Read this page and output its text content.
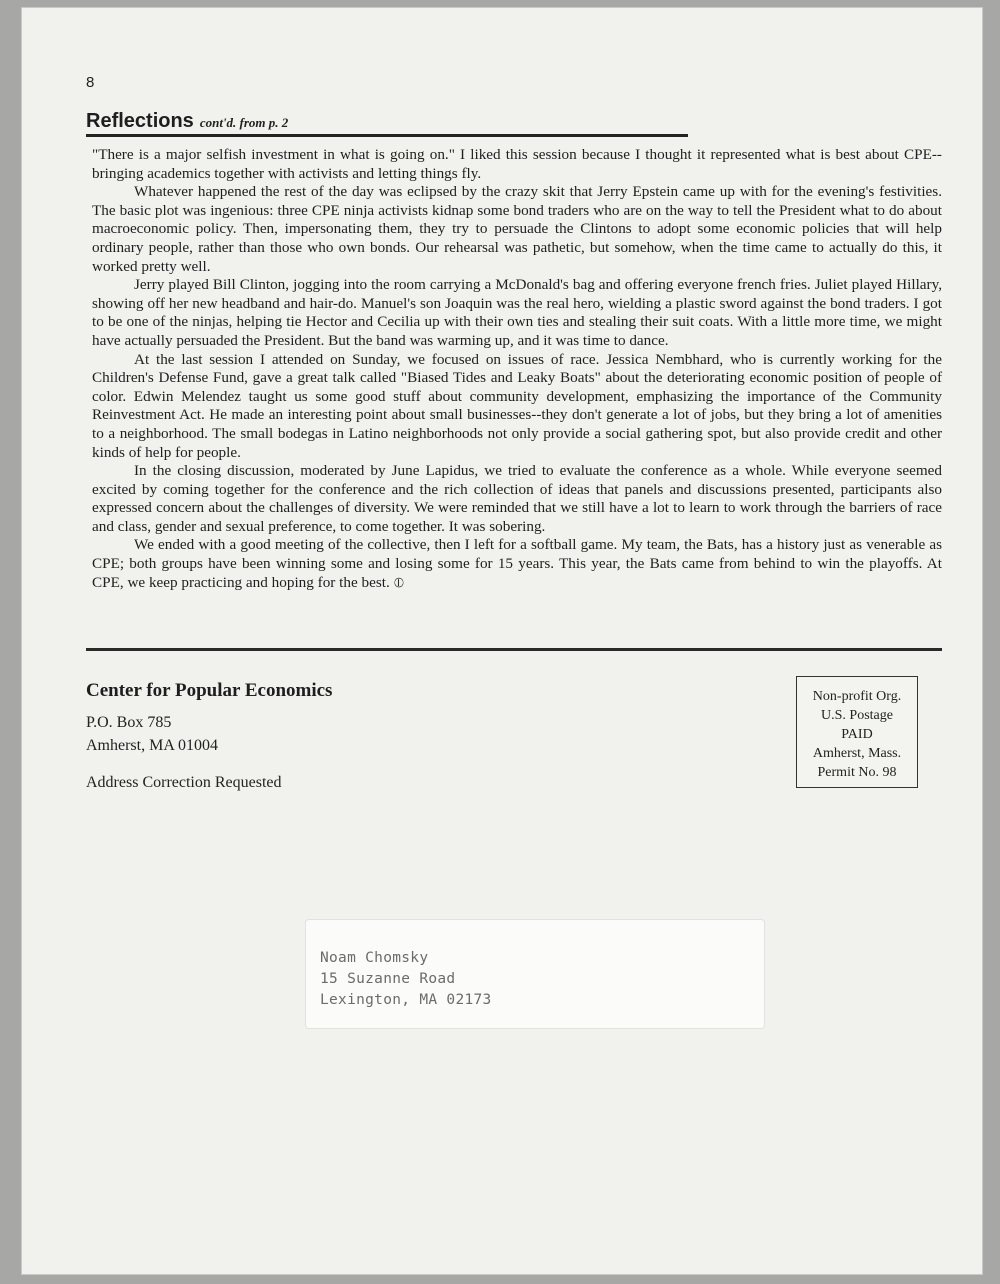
8
Reflections cont'd. from p. 2

"There is a major selfish investment in what is going on." I liked this session because I thought it represented what is best about CPE--bringing academics together with activists and letting things fly.

Whatever happened the rest of the day was eclipsed by the crazy skit that Jerry Epstein came up with for the evening's festivities. The basic plot was ingenious: three CPE ninja activists kidnap some bond traders who are on the way to tell the President what to do about macroeconomic policy. Then, impersonating them, they try to persuade the Clintons to adopt some economic policies that will help ordinary people, rather than those who own bonds. Our rehearsal was pathetic, but somehow, when the time came to actually do this, it worked pretty well.

Jerry played Bill Clinton, jogging into the room carrying a McDonald's bag and offering everyone french fries. Juliet played Hillary, showing off her new headband and hair-do. Manuel's son Joaquin was the real hero, wielding a plastic sword against the bond traders. I got to be one of the ninjas, helping tie Hector and Cecilia up with their own ties and stealing their suit coats. With a little more time, we might have actually persuaded the President. But the band was warming up, and it was time to dance.

At the last session I attended on Sunday, we focused on issues of race. Jessica Nembhard, who is currently working for the Children's Defense Fund, gave a great talk called "Biased Tides and Leaky Boats" about the deteriorating economic position of people of color. Edwin Melendez taught us some good stuff about community development, emphasizing the importance of the Community Reinvestment Act. He made an interesting point about small businesses--they don't generate a lot of jobs, but they bring a lot of amenities to a neighborhood. The small bodegas in Latino neighborhoods not only provide a social gathering spot, but also provide credit and other kinds of help for people.

In the closing discussion, moderated by June Lapidus, we tried to evaluate the conference as a whole. While everyone seemed excited by coming together for the conference and the rich collection of ideas that panels and discussions presented, participants also expressed concern about the challenges of diversity. We were reminded that we still have a lot to learn to work through the barriers of race and class, gender and sexual preference, to come together. It was sobering.

We ended with a good meeting of the collective, then I left for a softball game. My team, the Bats, has a history just as venerable as CPE; both groups have been winning some and losing some for 15 years. This year, the Bats came from behind to win the playoffs. At CPE, we keep practicing and hoping for the best. ⦶

Center for Popular Economics
P.O. Box 785
Amherst, MA 01004
Address Correction Requested
Non-profit Org.
U.S. Postage
PAID
Amherst, Mass.
Permit No. 98
Noam Chomsky
15 Suzanne Road
Lexington, MA 02173
